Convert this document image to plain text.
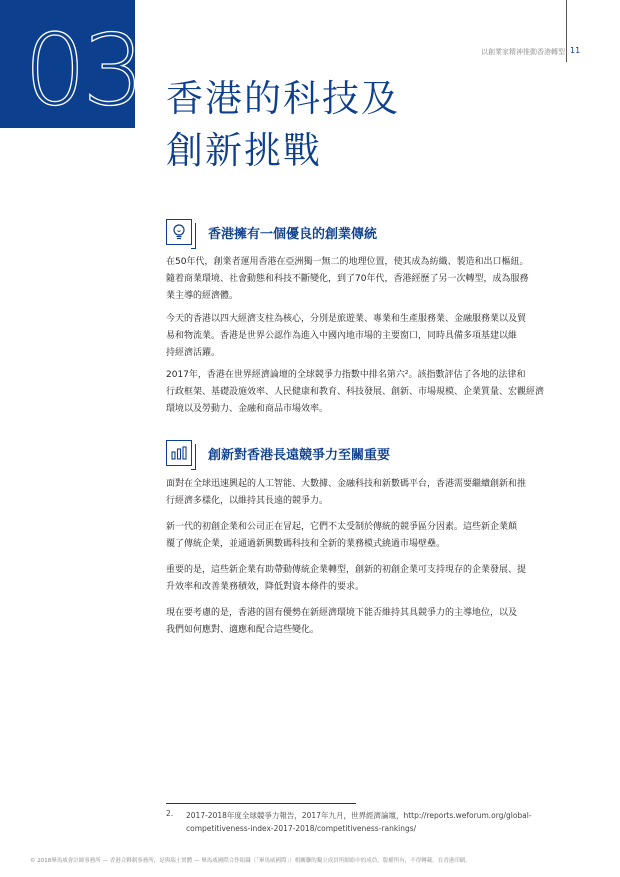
03	以創業家精神推動香港轉型 11
香港的科技及
創新挑戰
香港擁有一個優良的創業傳統

在50年代，創業者運用香港在亞洲獨一無二的地理位置，使其成為紡織、製造和出口樞紐。
隨着商業環境、社會動態和科技不斷變化，到了70年代，香港經歷了另一次轉型，成為服務
業主導的經濟體。

今天的香港以四大經濟支柱為核心，分別是旅遊業、專業和生產服務業、金融服務業以及貿
易和物流業。香港是世界公認作為進入中國內地市場的主要窗口，同時具備多項基建以維
持經濟活躍。

2017年，香港在世界經濟論壇的全球競爭力指數中排名第六²。該指數評估了各地的法律和
行政框架、基礎設施效率、人民健康和教育、科技發展、創新、市場規模、企業質量、宏觀經濟
環境以及勞動力、金融和商品市場效率。

創新對香港長遠競爭力至關重要

面對在全球迅速興起的人工智能、大數據、金融科技和新數碼平台，香港需要繼續創新和推
行經濟多樣化，以維持其長遠的競爭力。

新一代的初創企業和公司正在冒起，它們不太受制於傳統的競爭區分因素。這些新企業顛
覆了傳統企業，並通過新興數碼科技和全新的業務模式繞過市場壁壘。

重要的是，這些新企業有助帶動傳統企業轉型，創新的初創企業可支持現存的企業發展、提
升效率和改善業務積效，降低對資本條件的要求。

現在要考慮的是，香港的固有優勢在新經濟環境下能否維持其具競爭力的主導地位，以及
我們如何應對、適應和配合這些變化。

2. 2017-2018年度全球競爭力報告，2017年九月，世界經濟論壇，http://reports.weforum.org/global-
competitiveness-index-2017-2018/competitiveness-rankings/
© 2018畢馬威會計師事務所 — 香港合夥制事務所，是與瑞士實體 — 畢馬威國際合作組織（「畢馬威國際」）相關聯的獨立成員所網絡中的成員。版權所有，不得轉載。在香港印刷。
